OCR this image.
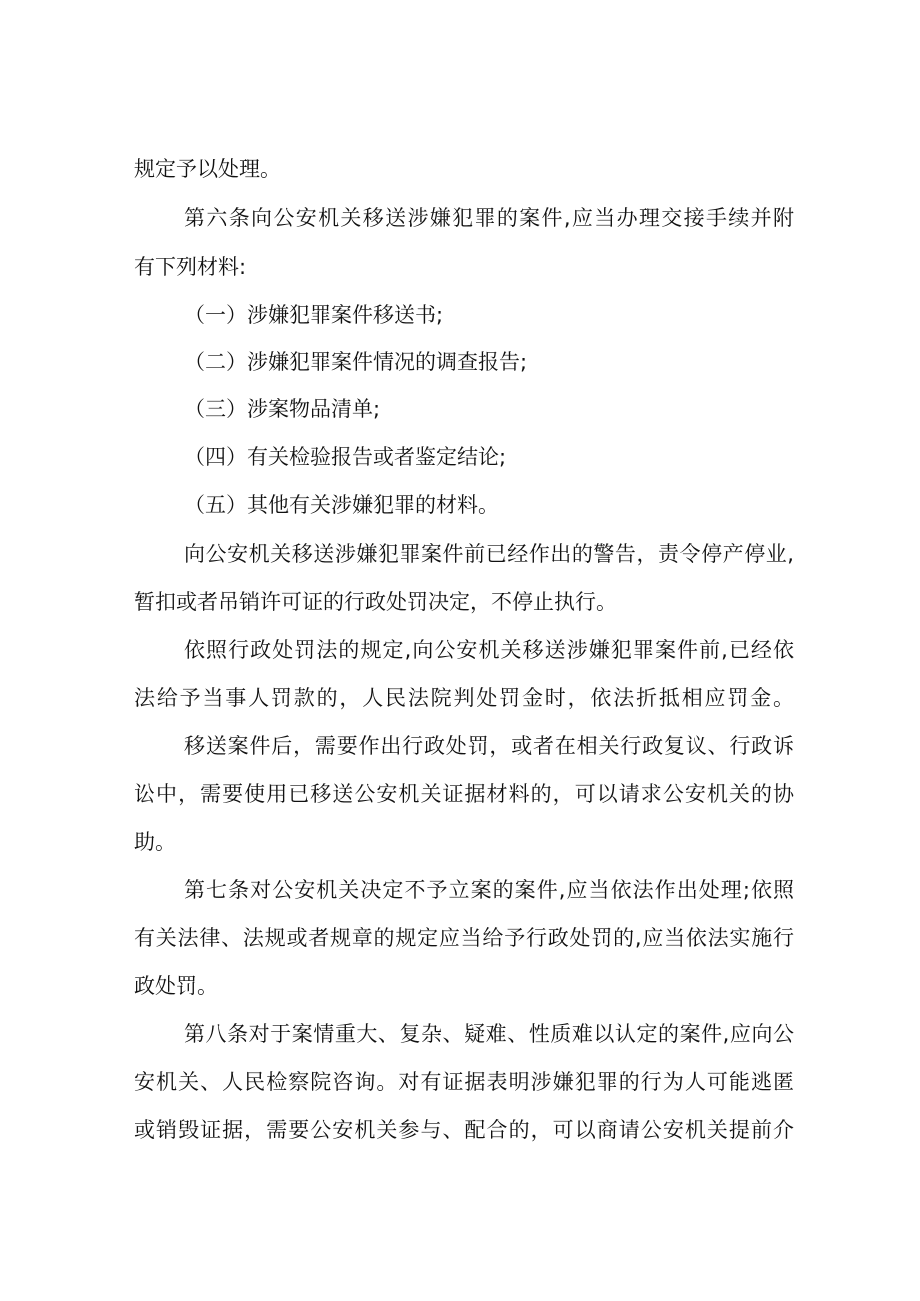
规定予以处理。
第六条向公安机关移送涉嫌犯罪的案件,应当办理交接手续并附
有下列材料:
（一）涉嫌犯罪案件移送书;
（二）涉嫌犯罪案件情况的调查报告;
（三）涉案物品清单;
（四）有关检验报告或者鉴定结论;
（五）其他有关涉嫌犯罪的材料。
向公安机关移送涉嫌犯罪案件前已经作出的警告，责令停产停业,
暂扣或者吊销许可证的行政处罚决定，不停止执行。
依照行政处罚法的规定,向公安机关移送涉嫌犯罪案件前,已经依
法给予当事人罚款的，人民法院判处罚金时，依法折抵相应罚金。
移送案件后，需要作出行政处罚，或者在相关行政复议、行政诉
讼中，需要使用已移送公安机关证据材料的，可以请求公安机关的协
助。
第七条对公安机关决定不予立案的案件,应当依法作出处理;依照
有关法律、法规或者规章的规定应当给予行政处罚的,应当依法实施行
政处罚。
第八条对于案情重大、复杂、疑难、性质难以认定的案件,应向公
安机关、人民检察院咨询。对有证据表明涉嫌犯罪的行为人可能逃匿
或销毁证据，需要公安机关参与、配合的，可以商请公安机关提前介
